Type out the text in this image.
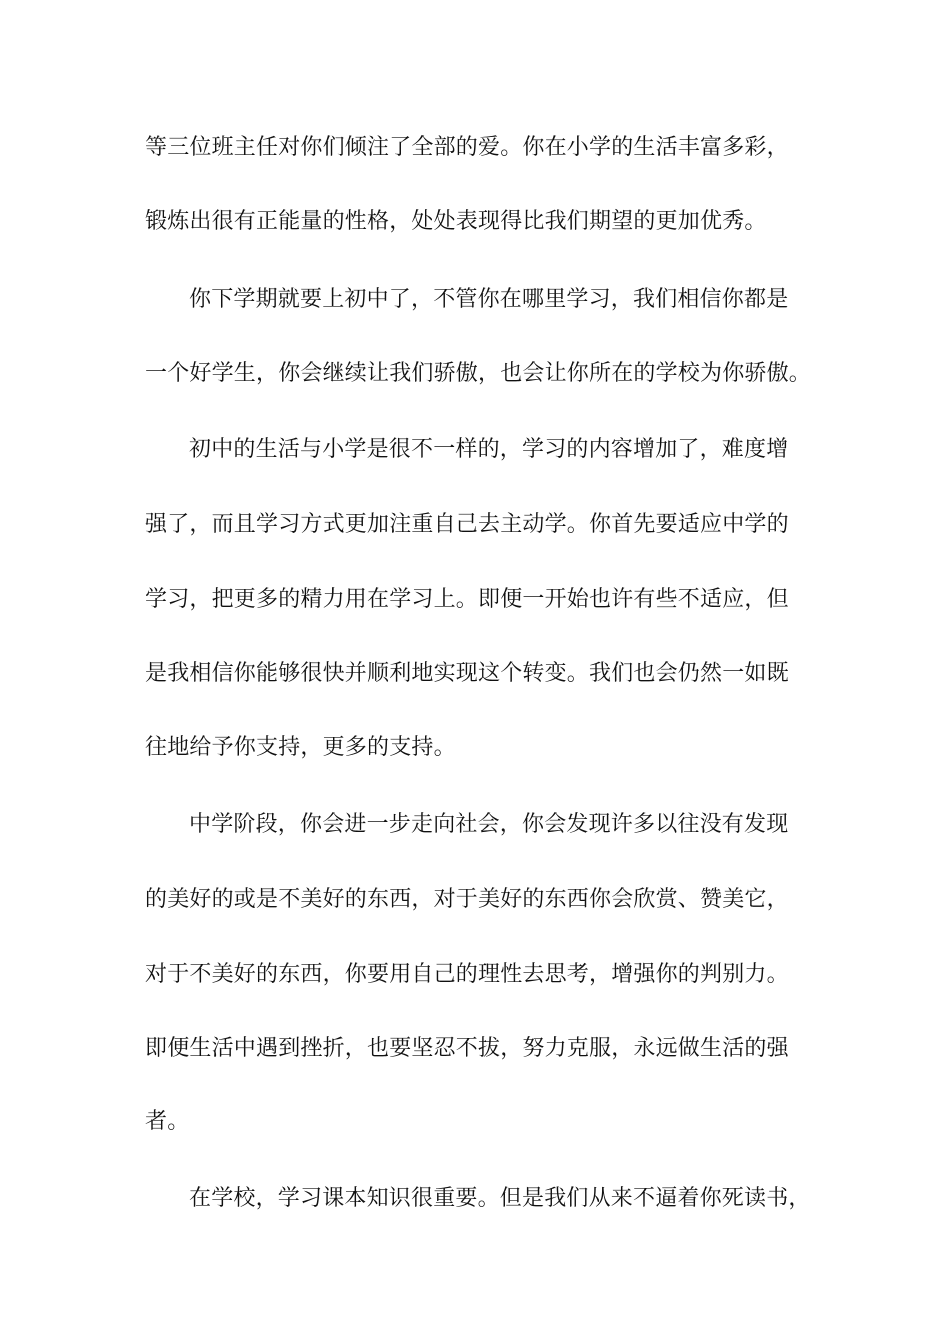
等三位班主任对你们倾注了全部的爱。你在小学的生活丰富多彩，

锻炼出很有正能量的性格，处处表现得比我们期望的更加优秀。

你下学期就要上初中了，不管你在哪里学习，我们相信你都是

一个好学生，你会继续让我们骄傲，也会让你所在的学校为你骄傲。

初中的生活与小学是很不一样的，学习的内容增加了，难度增

强了，而且学习方式更加注重自己去主动学。你首先要适应中学的

学习，把更多的精力用在学习上。即便一开始也许有些不适应，但

是我相信你能够很快并顺利地实现这个转变。我们也会仍然一如既

往地给予你支持，更多的支持。

中学阶段，你会进一步走向社会，你会发现许多以往没有发现

的美好的或是不美好的东西，对于美好的东西你会欣赏、赞美它，

对于不美好的东西，你要用自己的理性去思考，增强你的判别力。

即便生活中遇到挫折，也要坚忍不拔，努力克服，永远做生活的强

者。

在学校，学习课本知识很重要。但是我们从来不逼着你死读书，
